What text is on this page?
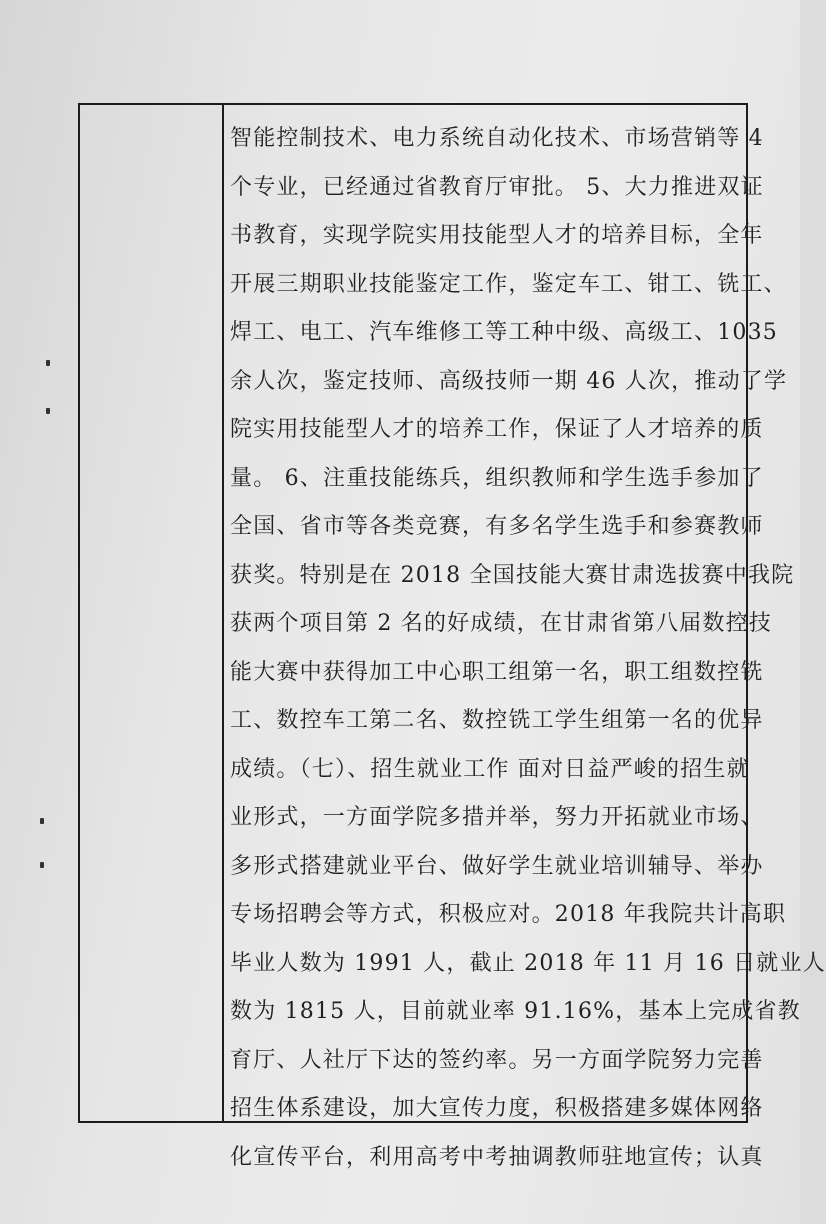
智能控制技术、电力系统自动化技术、市场营销等 4
个专业，已经通过省教育厅审批。 5、大力推进双证
书教育，实现学院实用技能型人才的培养目标，全年
开展三期职业技能鉴定工作，鉴定车工、钳工、铣工、
焊工、电工、汽车维修工等工种中级、高级工、1035
余人次，鉴定技师、高级技师一期 46 人次，推动了学
院实用技能型人才的培养工作，保证了人才培养的质
量。 6、注重技能练兵，组织教师和学生选手参加了
全国、省市等各类竞赛，有多名学生选手和参赛教师
获奖。特别是在 2018 全国技能大赛甘肃选拔赛中我院
获两个项目第 2 名的好成绩，在甘肃省第八届数控技
能大赛中获得加工中心职工组第一名，职工组数控铣
工、数控车工第二名、数控铣工学生组第一名的优异
成绩。（七）、招生就业工作 面对日益严峻的招生就
业形式，一方面学院多措并举，努力开拓就业市场、
多形式搭建就业平台、做好学生就业培训辅导、举办
专场招聘会等方式，积极应对。2018 年我院共计高职
毕业人数为 1991 人，截止 2018 年 11 月 16 日就业人
数为 1815 人，目前就业率 91.16%，基本上完成省教
育厅、人社厅下达的签约率。另一方面学院努力完善
招生体系建设，加大宣传力度，积极搭建多媒体网络
化宣传平台，利用高考中考抽调教师驻地宣传；认真
